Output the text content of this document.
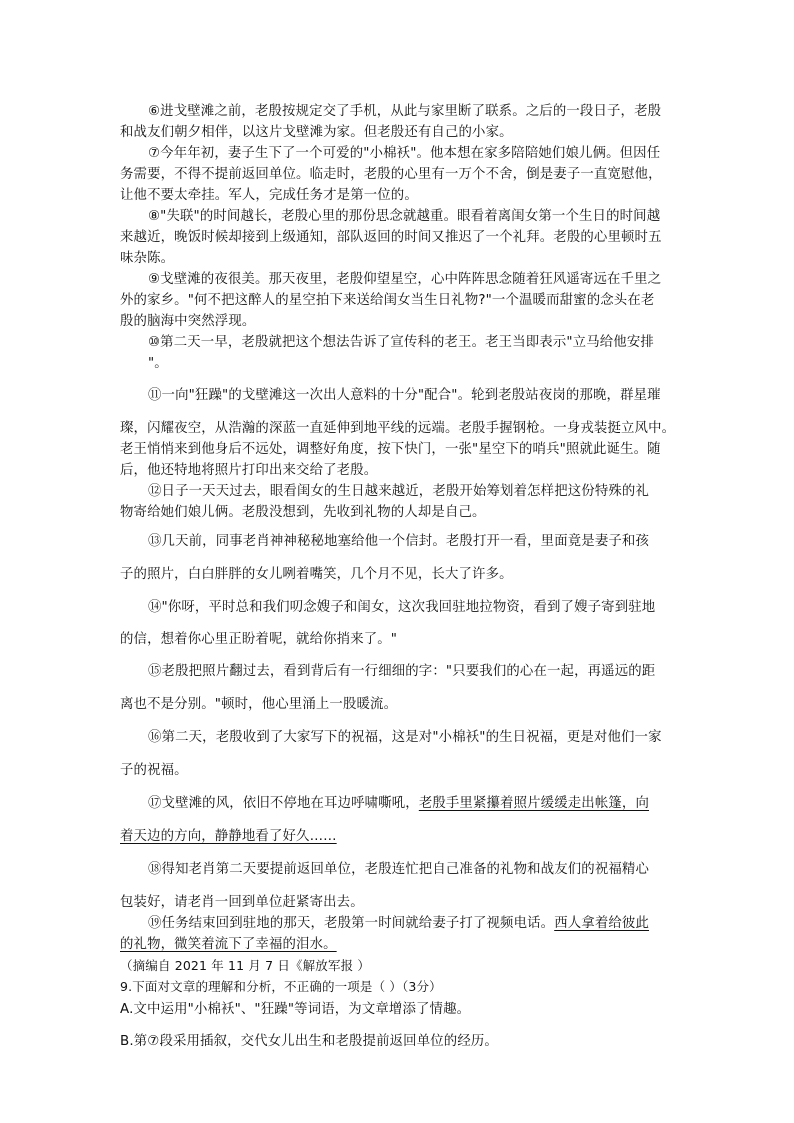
⑥进戈壁滩之前，老殷按规定交了手机，从此与家里断了联系。之后的一段日子，老殷
和战友们朝夕相伴，以这片戈壁滩为家。但老殷还有自己的小家。
⑦今年年初，妻子生下了一个可爱的"小棉袄"。他本想在家多陪陪她们娘儿俩。但因任
务需要，不得不提前返回单位。临走时，老殷的心里有一万个不舍，倒是妻子一直宽慰他，
让他不要太牵挂。军人，完成任务才是第一位的。
⑧"失联"的时间越长，老殷心里的那份思念就越重。眼看着离闺女第一个生日的时间越
来越近，晚饭时候却接到上级通知，部队返回的时间又推迟了一个礼拜。老殷的心里顿时五
味杂陈。
⑨戈壁滩的夜很美。那天夜里，老殷仰望星空，心中阵阵思念随着狂风遥寄远在千里之
外的家乡。"何不把这醉人的星空拍下来送给闺女当生日礼物?"一个温暖而甜蜜的念头在老
殷的脑海中突然浮现。
⑩第二天一早，老殷就把这个想法告诉了宣传科的老王。老王当即表示"立马给他安排
"。
⑪一向"狂躁"的戈壁滩这一次出人意料的十分"配合"。轮到老殷站夜岗的那晚，群星璀
璨，闪耀夜空，从浩瀚的深蓝一直延伸到地平线的远端。老殷手握钢枪。一身戎装挺立风中。
老王悄悄来到他身后不远处，调整好角度，按下快门，一张"星空下的哨兵"照就此诞生。随
后，他还特地将照片打印出来交给了老殷。
⑫日子一天天过去，眼看闺女的生日越来越近，老殷开始筹划着怎样把这份特殊的礼
物寄给她们娘儿俩。老殷没想到，先收到礼物的人却是自己。
⑬几天前，同事老肖神神秘秘地塞给他一个信封。老殷打开一看，里面竟是妻子和孩
子的照片，白白胖胖的女儿咧着嘴笑，几个月不见，长大了许多。
⑭"你呀，平时总和我们叨念嫂子和闺女，这次我回驻地拉物资，看到了嫂子寄到驻地
的信，想着你心里正盼着呢，就给你捎来了。"
⑮老殷把照片翻过去，看到背后有一行细细的字："只要我们的心在一起，再遥远的距
离也不是分别。"顿时，他心里涌上一股暖流。
⑯第二天，老殷收到了大家写下的祝福，这是对"小棉袄"的生日祝福，更是对他们一家
子的祝福。
⑰戈壁滩的风，依旧不停地在耳边呼啸嘶吼，老殷手里紧攥着照片缓缓走出帐篷，向
着天边的方向，静静地看了好久……
⑱得知老肖第二天要提前返回单位，老殷连忙把自己准备的礼物和战友们的祝福精心
包装好，请老肖一回到单位赶紧寄出去。
⑲任务结束回到驻地的那天，老殷第一时间就给妻子打了视频电话。西人拿着给彼此
的礼物，微笑着流下了幸福的泪水。
（摘编自 2021 年 11 月 7 日《解放军报 ）
9.下面对文章的理解和分析，不正确的一项是（ ）（3分）
A.文中运用"小棉袄"、"狂躁"等词语，为文章增添了情趣。
B.第⑦段采用插叙，交代女儿出生和老殷提前返回单位的经历。
